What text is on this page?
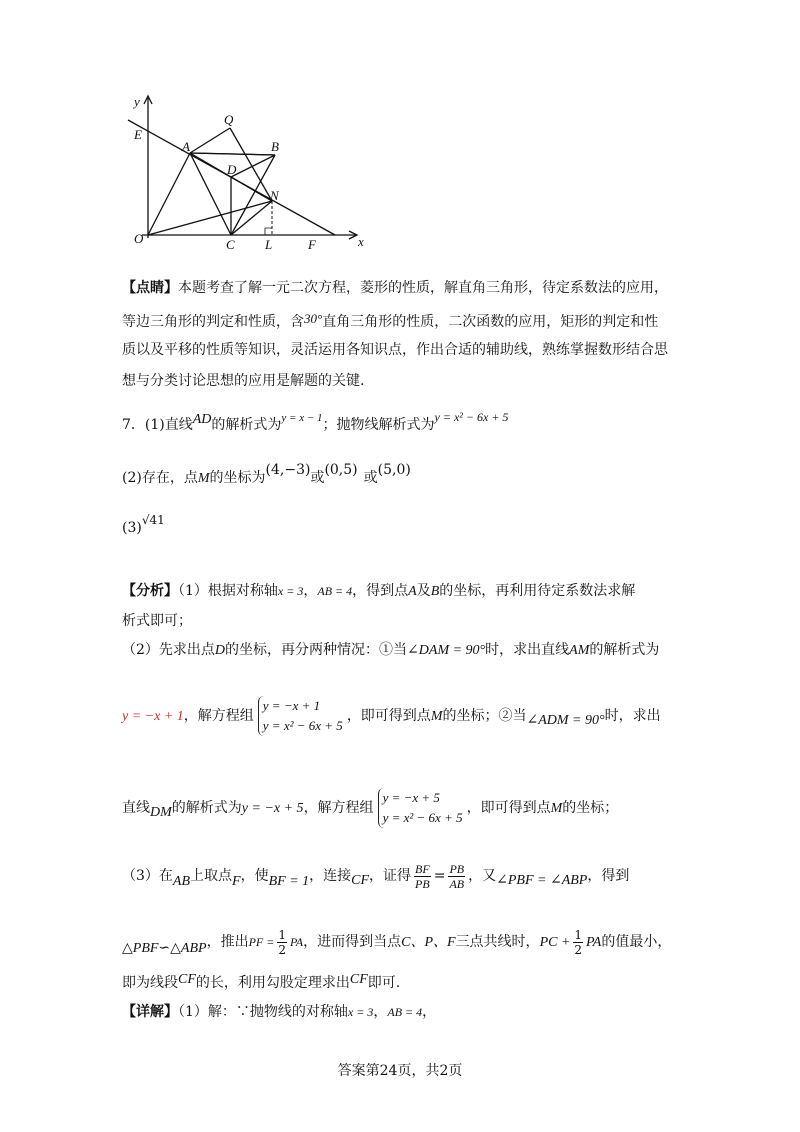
y
E
Q
A	B
D
N
O	C L	F	x
【点睛】本题考查了解一元二次方程，菱形的性质，解直角三角形，待定系数法的应用，
等边三角形的判定和性质，含30°直角三角形的性质，二次函数的应用，矩形的判定和性
质以及平移的性质等知识，灵活运用各知识点，作出合适的辅助线，熟练掌握数形结合思
想与分类讨论思想的应用是解题的关键.
7．(1)直线AD的解析式为$^{y = x - 1}$；抛物线解析式为y = x² − 6x + 5
(2)存在，点M的坐标为(4,−3)或(0,5) 或(5,0)
(3)√41
【分析】（1）根据对称轴x = 3，AB = 4，得到点A及B的坐标，再利用待定系数法求解
析式即可；
（2）先求出点D的坐标，再分两种情况：①当∠DAM = 90°时，求出直线AM的解析式为
y = −x + 1，解方程组
y = −x + 1
y = x² − 6x + 5
，即可得到点M的坐标；②当∠ADM = 90°时，求出
直线DM的解析式为y = −x + 5，解方程组
y = −x + 5
y = x² − 6x + 5
，即可得到点M的坐标；
（3）在AB上取点F，使BF = 1，连接CF，证得 $\frac{BF}{PB} = \frac{PB}{AB}$ ，又∠PBF = ∠ABP，得到
△PBF∽△ABP，推出PF = $\frac{1}{2}$ PA，进而得到当点C、P、F三点共线时，PC + $\frac{1}{2}$ PA的值最小，
即为线段CF的长，利用勾股定理求出CF即可.
【详解】（1）解：∵抛物线的对称轴x = 3，AB = 4，
答案第24页，共2页
